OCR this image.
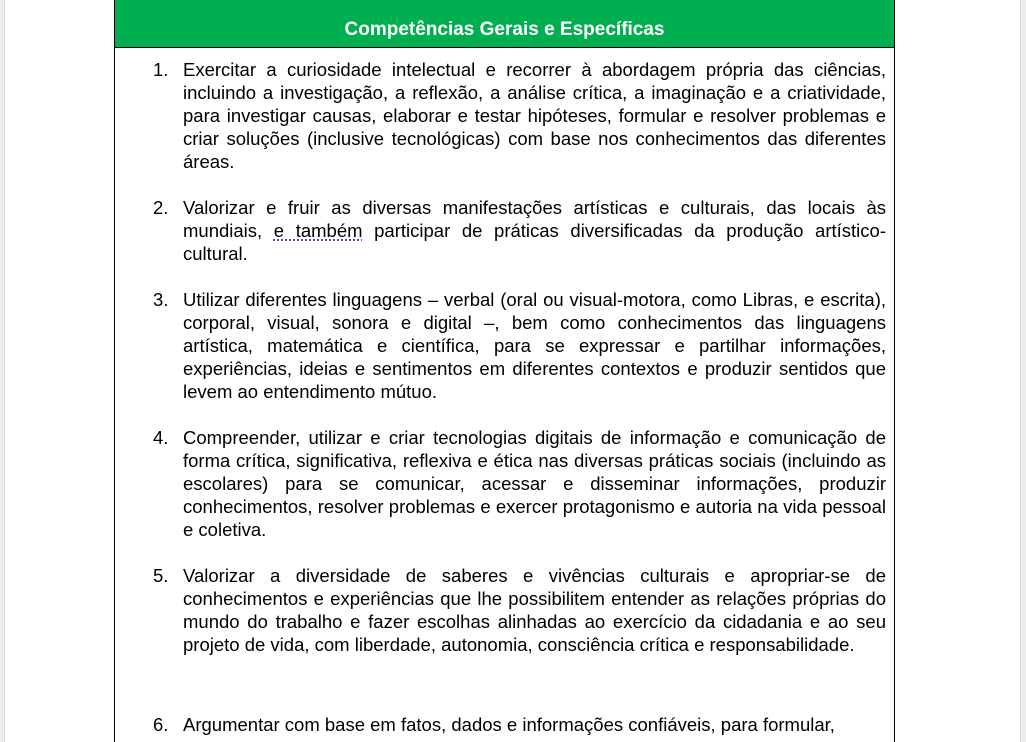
Competências Gerais e Específicas
1. Exercitar a curiosidade intelectual e recorrer à abordagem própria das ciências, incluindo a investigação, a reflexão, a análise crítica, a imaginação e a criatividade, para investigar causas, elaborar e testar hipóteses, formular e resolver problemas e criar soluções (inclusive tecnológicas) com base nos conhecimentos das diferentes áreas.
2. Valorizar e fruir as diversas manifestações artísticas e culturais, das locais às mundiais, e também participar de práticas diversificadas da produção artístico-cultural.
3. Utilizar diferentes linguagens – verbal (oral ou visual-motora, como Libras, e escrita), corporal, visual, sonora e digital –, bem como conhecimentos das linguagens artística, matemática e científica, para se expressar e partilhar informações, experiências, ideias e sentimentos em diferentes contextos e produzir sentidos que levem ao entendimento mútuo.
4. Compreender, utilizar e criar tecnologias digitais de informação e comunicação de forma crítica, significativa, reflexiva e ética nas diversas práticas sociais (incluindo as escolares) para se comunicar, acessar e disseminar informações, produzir conhecimentos, resolver problemas e exercer protagonismo e autoria na vida pessoal e coletiva.
5. Valorizar a diversidade de saberes e vivências culturais e apropriar-se de conhecimentos e experiências que lhe possibilitem entender as relações próprias do mundo do trabalho e fazer escolhas alinhadas ao exercício da cidadania e ao seu projeto de vida, com liberdade, autonomia, consciência crítica e responsabilidade.
6. Argumentar com base em fatos, dados e informações confiáveis, para formular,
